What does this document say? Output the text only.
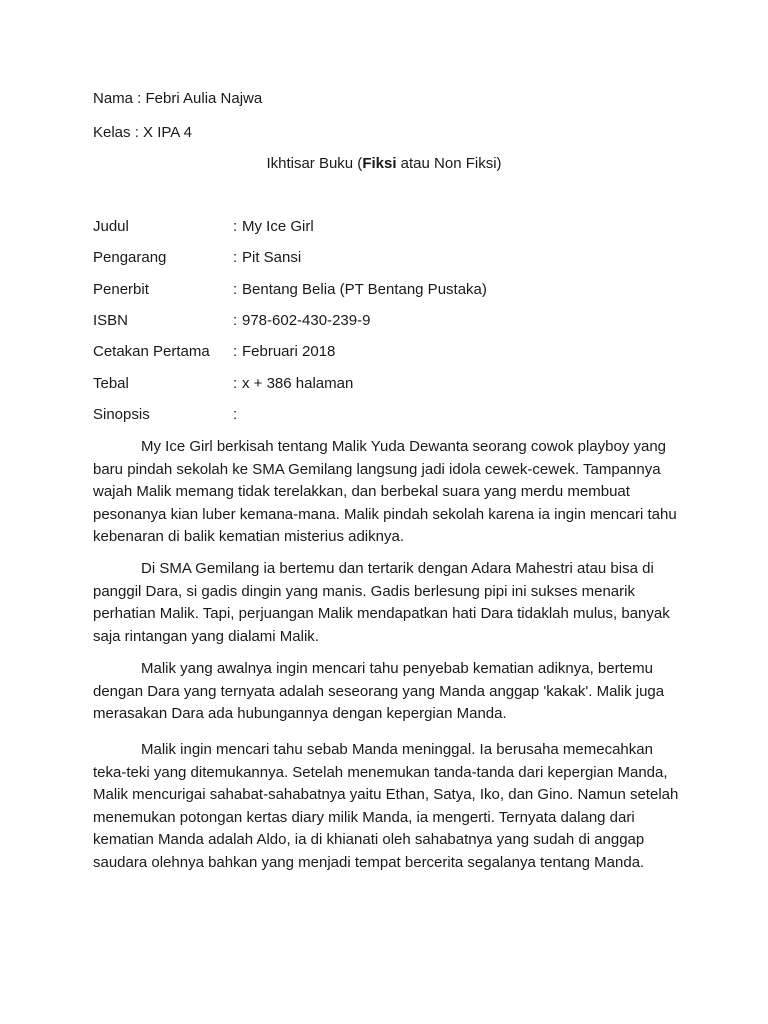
Nama : Febri Aulia Najwa
Kelas : X IPA 4
Ikhtisar Buku (Fiksi atau Non Fiksi)
Judul	: My Ice Girl
Pengarang	: Pit Sansi
Penerbit	: Bentang Belia (PT Bentang Pustaka)
ISBN	: 978-602-430-239-9
Cetakan Pertama : Februari 2018
Tebal	: x + 386 halaman
Sinopsis	:

My Ice Girl berkisah tentang Malik Yuda Dewanta seorang cowok playboy yang baru pindah sekolah ke SMA Gemilang langsung jadi idola cewek-cewek. Tampannya wajah Malik memang tidak terelakkan, dan berbekal suara yang merdu membuat pesonanya kian luber kemana-mana. Malik pindah sekolah karena ia ingin mencari tahu kebenaran di balik kematian misterius adiknya.

Di SMA Gemilang ia bertemu dan tertarik dengan Adara Mahestri atau bisa di panggil Dara, si gadis dingin yang manis. Gadis berlesung pipi ini sukses menarik perhatian Malik. Tapi, perjuangan Malik mendapatkan hati Dara tidaklah mulus, banyak saja rintangan yang dialami Malik.

Malik yang awalnya ingin mencari tahu penyebab kematian adiknya, bertemu dengan Dara yang ternyata adalah seseorang yang Manda anggap 'kakak'. Malik juga merasakan Dara ada hubungannya dengan kepergian Manda.

Malik ingin mencari tahu sebab Manda meninggal. Ia berusaha memecahkan teka-teki yang ditemukannya. Setelah menemukan tanda-tanda dari kepergian Manda, Malik mencurigai sahabat-sahabatnya yaitu Ethan, Satya, Iko, dan Gino. Namun setelah menemukan potongan kertas diary milik Manda, ia mengerti. Ternyata dalang dari kematian Manda adalah Aldo, ia di khianati oleh sahabatnya yang sudah di anggap saudara olehnya bahkan yang menjadi tempat bercerita segalanya tentang Manda.
